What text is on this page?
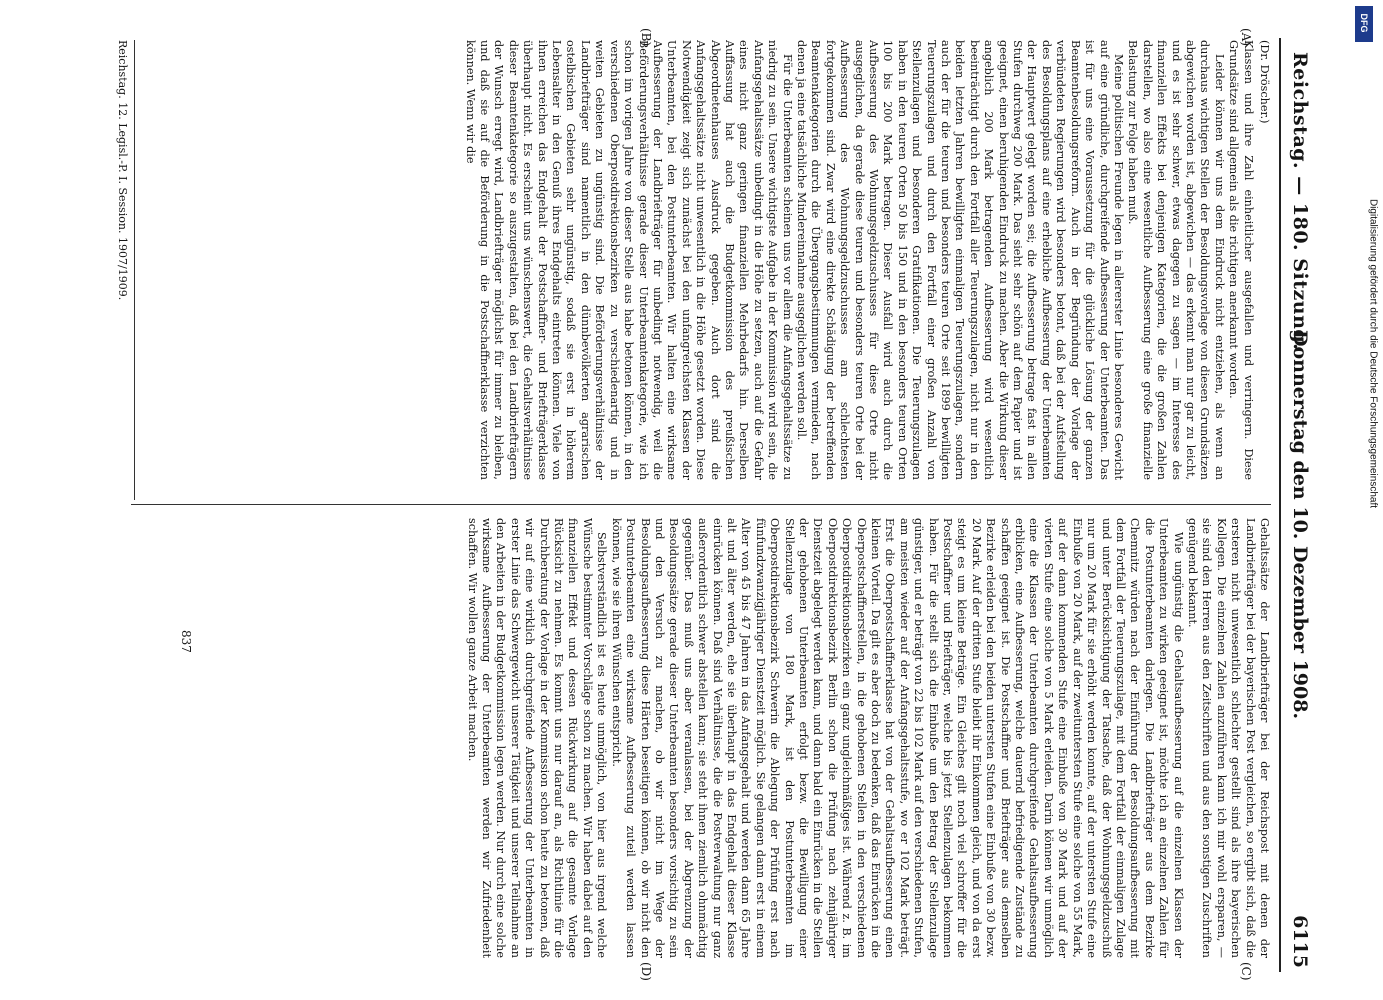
Reichstag. — 180. Sitzung.
Donnerstag den 10. Dezember 1908.
6115
(A)
(B)
(C)
(D)
(Dr. Dröscher.)

Klassen und ihre Zahl einheitlicher ausgefallen und verringern. Diese Grundsätze sind allgemein als die richtigen anerkannt worden.

Leider können wir uns dem Eindruck nicht entziehen, als wenn an durchaus wichtigen Stellen der Besoldungsvorlage von diesen Grundsätzen abgewichen worden ist, abgewichen — das erkennt man nur gar zu leicht, und es ist sehr schwer, etwas dagegen zu sagen — im Interesse des finanziellen Effekts bei denjenigen Kategorien, die die großen Zahlen darstellen, wo also eine wesentliche Aufbesserung eine große finanzielle Belastung zur Folge haben muß.

Meine politischen Freunde legen in allererster Linie besonderes Gewicht auf eine gründliche, durchgreifende Aufbesserung der Unterbeamten. Das ist für uns eine Voraussetzung für die glückliche Lösung der ganzen Beamtenbesoldungsreform. Auch in der Begründung der Vorlage der verbündeten Regierungen wird besonders betont, daß bei der Aufstellung des Besoldungsplans auf eine erhebliche Aufbesserung der Unterbeamten der Hauptwert gelegt worden sei; die Aufbesserung betrage fast in allen Stufen durchweg 200 Mark. Das sieht sehr schön auf dem Papier und ist geeignet, einen beruhigenden Eindruck zu machen. Aber die Wirkung dieser angeblich 200 Mark betragenden Aufbesserung wird wesentlich beeinträchtigt durch den Fortfall aller Teuerungszulagen, nicht nur in den beiden letzten Jahren bewilligten einmaligen Teuerungszulagen, sondern auch der für die teuren und besonders teuren Orte seit 1899 bewilligten Teuerungszulagen und durch den Fortfall einer großen Anzahl von Stellenzulagen und besonderen Gratifikationen. Die Teuerungszulagen haben in den teuren Orten 50 bis 150 und in den besonders teuren Orten 100 bis 200 Mark betragen. Dieser Ausfall wird auch durch die Aufbesserung des Wohnungsgeldzuschusses für diese Orte nicht ausgeglichen, da gerade diese teuren und besonders teuren Orte bei der Aufbesserung des Wohnungsgeldzuschusses am schlechtesten fortgekommen sind. Zwar wird eine direkte Schädigung der betreffenden Beamtenkategorien durch die Übergangsbestimmungen vermieden, nach denen ja eine tatsächliche Mindereinnahme ausgeglichen werden soll.

Für die Unterbeamten scheinen uns vor allem die Anfangsgehaltssätze zu niedrig zu sein. Unsere wichtigste Aufgabe in der Kommission wird sein, die Anfangsgehaltssätze unbedingt in die Höhe zu setzen, auch auf die Gefahr eines nicht ganz geringen finanziellen Mehrbedarfs hin. Derselben Auffassung hat auch die Budgetkommission des preußischen Abgeordnetenhauses Ausdruck gegeben. Auch dort sind die Anfangsgehaltssätze nicht unwesentlich in die Höhe gesetzt worden. Diese Notwendigkeit zeigt sich zunächst bei den unfangreichsten Klassen der Unterbeamten, bei den Postunterbeamten. Wir halten eine wirksame Aufbesserung der Landbriefträger für unbedingt notwendig, weil die Beförderungsverhältnisse gerade dieser Unterbeamtenkategorie, wie ich schon im vorigen Jahre von dieser Stelle aus habe betonen können, in den verschiedenen Oberpostdirektionsbezirken zu verschiedenartig und in weiten Gebieten zu ungünstig sind. Die Beförderungsverhältnisse der Landbriefträger sind namentlich in den dünnbevölkerten agrarischen ostelbischen Gebieten sehr ungünstig, sodaß sie erst in höherem Lebensalter in den Genuß ihres Endgehalts eintreten können. Viele von ihnen erreichen das Endgehalt der Postschaffner- und Briefträgerklasse überhaupt nicht. Es erscheint uns wünschenswert, die Gehaltsverhältnisse dieser Beamtenkategorie so auszugestalten, daß bei den Landbriefträgern der Wunsch erregt wird, Landbriefträger möglichst für immer zu bleiben, und daß sie auf die Beförderung in die Postschaffnerklasse verzichten können. Wenn wir die

Gehaltssätze der Landbriefträger bei der Reichspost mit denen der Landbriefträger bei der bayerischen Post vergleichen, so ergibt sich, daß die ersteren nicht unwesentlich schlechter gestellt sind als ihre bayerischen Kollegen. Die einzelnen Zahlen anzuführen kann ich mir wohl ersparen, — sie sind den Herren aus den Zeitschriften und aus den sonstigen Zuschriften genügend bekannt.

Wie ungünstig die Gehaltsaufbesserung auf die einzelnen Klassen der Unterbeamten zu wirken geeignet ist, möchte ich an einzelnen Zahlen für die Postunterbeamten darlegen. Die Landbriefträger aus dem Bezirke Chemnitz würden nach der Einführung der Besoldungsaufbesserung mit dem Fortfall der Teuerungszulage, mit dem Fortfall der einmaligen Zulage und unter Berücksichtigung der Tatsache, daß der Wohnungsgeldzuschuß nur um 20 Mark für sie erhöht werden konnte, auf der untersten Stufe eine Einbuße von 20 Mark, auf der zweituntersten Stufe eine solche von 55 Mark, auf der dann kommenden Stufe eine Einbuße von 30 Mark und auf der vierten Stufe eine solche von 5 Mark erleiden. Darin können wir unmöglich eine die Klassen der Unterbeamten durchgreifende Gehaltsaufbesserung erblicken, eine Aufbesserung, welche dauernd befriedigende Zustände zu schaffen geeignet ist. Die Postschaffner und Briefträger aus demselben Bezirke erleiden bei den beiden untersten Stufen eine Einbuße von 30 bezw. 20 Mark. Auf der dritten Stufe bleibt ihr Einkommen gleich, und von da erst steigt es um kleine Beträge. Ein Gleiches gilt noch viel schroffer für die Postschaffner und Briefträger, welche bis jetzt Stellenzulagen bekommen haben. Für die stellt sich die Einbuße um den Betrag der Stellenzulage günstiger, und er beträgt von 22 bis 102 Mark auf den verschiedenen Stufen, am meisten wieder auf der Anfangsgehaltsstufe, wo er 102 Mark beträgt. Erst die Oberpostschaffnerklasse hat von der Gehaltsaufbesserung einen kleinen Vorteil. Da gilt es aber doch zu bedenken, daß das Einrücken in die Oberpostschaffnerstellen, in die gehobenen Stellen in den verschiedenen Oberpostdirektionsbezirken ein ganz ungleichmäßiges ist. Während z. B. im Oberpostdirektionsbezirk Berlin schon die Prüfung nach zehnjähriger Dienstzeit abgelegt werden kann, und dann bald ein Einrücken in die Stellen der gehobenen Unterbeamten erfolgt bezw. die Bewilligung einer Stellenzulage von 180 Mark, ist den Postunterbeamten im Oberpostdirektionsbezirk Schwerin die Ablegung der Prüfung erst nach fünfundzwanzigjähriger Dienstzeit möglich. Sie gelangen dann erst in einem Alter von 45 bis 47 Jahren in das Anfangsgehalt und werden dann 65 Jahre alt und älter werden, ehe sie überhaupt in das Endgehalt dieser Klasse einrücken können. Daß sind Verhältnisse, die die Postverwaltung nur ganz außerordentlich schwer abstellen kann; sie steht ihnen ziemlich ohnmächtig gegenüber. Das muß uns aber veranlassen, bei der Abgrenzung der Besoldungssätze gerade dieser Unterbeamten besonders vorsichtig zu sein und den Versuch zu machen, ob wir nicht im Wege der Besoldungsaufbesserung diese Härten beseitigen können, ob wir nicht den Postunterbeamten eine wirksame Aufbesserung zuteil werden lassen können, wie sie ihren Wünschen entspricht.

Selbstverständlich ist es heute unmöglich, von hier aus irgend welche Wünsche bestimmter Vorschläge schon zu machen. Wir haben dabei auf den finanziellen Effekt und dessen Rückwirkung auf die gesamte Vorlage Rücksicht zu nehmen. Es kommt uns nur darauf an, als Richtlinie für die Durchberatung der Vorlage in der Kommission schon heute zu betonen, daß wir auf eine wirklich durchgreifende Aufbesserung der Unterbeamten in erster Linie das Schwergewicht unserer Tätigkeit und unserer Teilnahme an den Arbeiten in der Budgetkommission legen werden. Nur durch eine solche wirksame Aufbesserung der Unterbeamten werden wir Zufriedenheit schaffen. Wir wollen ganze Arbeit machen.

Reichstag. 12. Legisl.-P. I. Session. 1907/1909.
837
DFG
Digitalisierung gefördert durch die Deutsche Forschungsgemeinschaft
